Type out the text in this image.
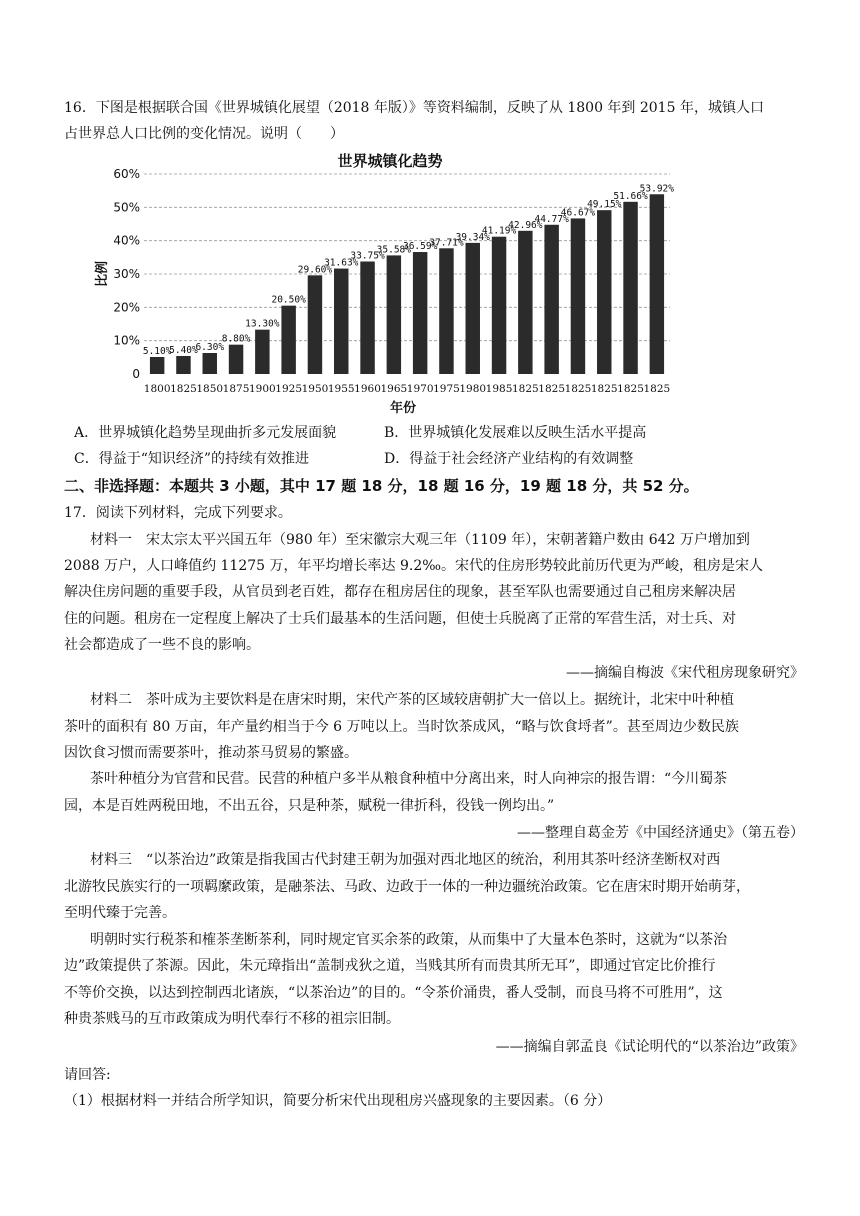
16．下图是根据联合国《世界城镇化展望（2018 年版）》等资料编制，反映了从 1800 年到 2015 年，城镇人口
占世界总人口比例的变化情况。说明（　　）
5.10%
5.40%
6.30%
8.80%
13.30%
20.50%
29.60%
31.63%
33.75%
35.58%
36.59%
37.71%
39.34%
41.19%
42.96%
44.77%
46.67%
49.15%
51.66%
53.92%
1800 1825 1850 1875 1900 1925 1950 1955 1960 1965 1970 1975 1980 1985 1825 1825 1825 1825 1825 1825
0
10%
20%
30%
40%
50%
60%
世界城镇化趋势
比例
年份
A．世界城镇化趋势呈现曲折多元发展面貌	B．世界城镇化发展难以反映生活水平提高
C．得益于“知识经济”的持续有效推进	D．得益于社会经济产业结构的有效调整
二、非选择题：本题共 3 小题，其中 17 题 18 分，18 题 16 分，19 题 18 分，共 52 分。
17．阅读下列材料，完成下列要求。
材料一　宋太宗太平兴国五年（980 年）至宋徽宗大观三年（1109 年），宋朝著籍户数由 642 万户增加到
2088 万户，人口峰值约 11275 万，年平均增长率达 9.2‰。宋代的住房形势较此前历代更为严峻，租房是宋人
解决住房问题的重要手段，从官员到老百姓，都存在租房居住的现象，甚至军队也需要通过自己租房来解决居
住的问题。租房在一定程度上解决了士兵们最基本的生活问题，但使士兵脱离了正常的军营生活，对士兵、对
社会都造成了一些不良的影响。
——摘编自梅波《宋代租房现象研究》
材料二　茶叶成为主要饮料是在唐宋时期，宋代产茶的区域较唐朝扩大一倍以上。据统计，北宋中叶种植
茶叶的面积有 80 万亩，年产量约相当于今 6 万吨以上。当时饮茶成风，“略与饮食埒者”。甚至周边少数民族
因饮食习惯而需要茶叶，推动茶马贸易的繁盛。
茶叶种植分为官营和民营。民营的种植户多半从粮食种植中分离出来，时人向神宗的报告谓：“今川蜀茶
园，本是百姓两税田地，不出五谷，只是种茶，赋税一律折科，役钱一例均出。”
——整理自葛金芳《中国经济通史》（第五卷）
材料三　“以茶治边”政策是指我国古代封建王朝为加强对西北地区的统治，利用其茶叶经济垄断权对西
北游牧民族实行的一项羁縻政策，是融茶法、马政、边政于一体的一种边疆统治政策。它在唐宋时期开始萌芽，
至明代臻于完善。
明朝时实行税茶和榷茶垄断茶利，同时规定官买余茶的政策，从而集中了大量本色茶时，这就为“以茶治
边”政策提供了茶源。因此，朱元璋指出“盖制戎狄之道，当贱其所有而贵其所无耳”，即通过官定比价推行
不等价交换，以达到控制西北诸族，“以茶治边”的目的。“令茶价涌贵，番人受制，而良马将不可胜用”，这
种贵茶贱马的互市政策成为明代奉行不移的祖宗旧制。
——摘编自郭孟良《试论明代的“以茶治边”政策》
请回答:
（1）根据材料一并结合所学知识，简要分析宋代出现租房兴盛现象的主要因素。（6 分）
